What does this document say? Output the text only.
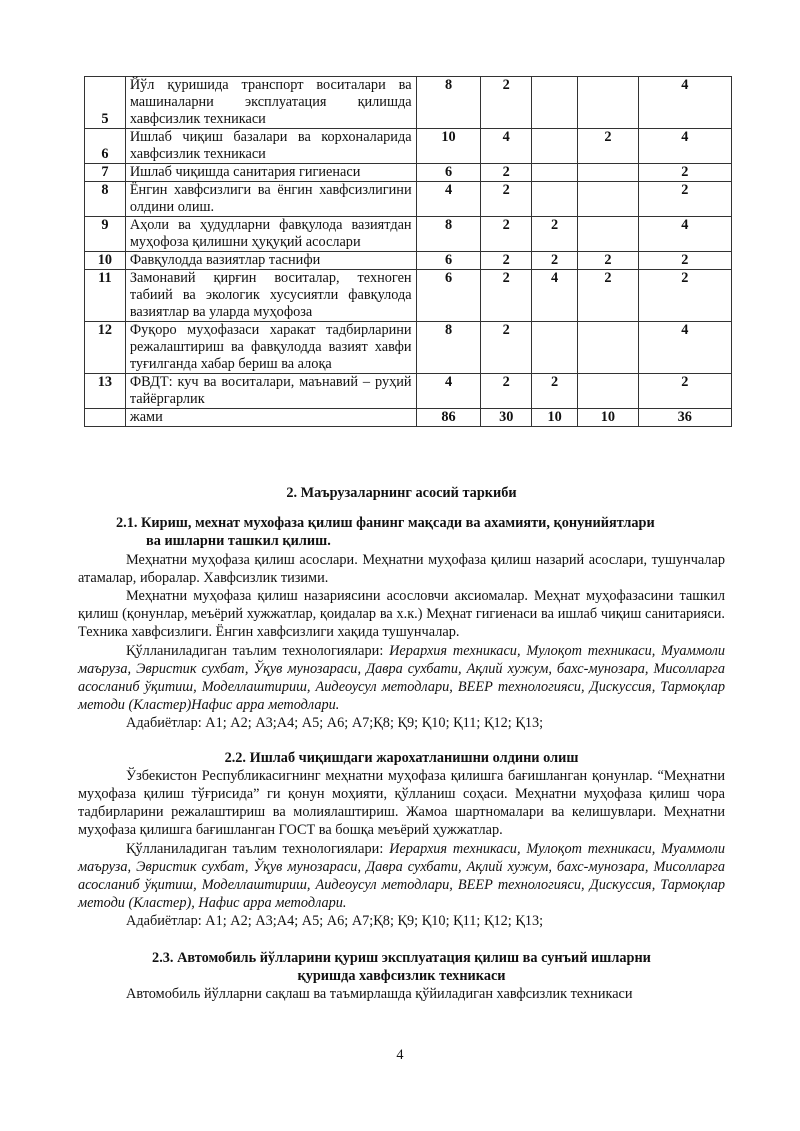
5	Йўл қуришида транспорт воситалари ва машиналарни эксплуатация қилишда хавфсизлик техникаси	8	2			4
6	Ишлаб чиқиш базалари ва корхоналарида хавфсизлик техникаси	10	4		2	4
7	Ишлаб чиқишда санитария гигиенаси	6	2			2
8	Ёнгин хавфсизлиги ва ёнгин хавфсизлигини олдини олиш.	4	2			2
9	Аҳоли ва ҳудудларни фавқулода вазиятдан муҳофоза қилишни ҳуқуқий асослари	8	2	2		4
10	Фавқулодда вазиятлар таснифи	6	2	2	2	2
11	Замонавий қирғин воситалар, техноген табиий ва экологик хусусиятли фавқулода вазиятлар ва уларда муҳофоза	6	2	4	2	2
12	Фуқоро муҳофазаси харакат тадбирларини режалаштириш ва фавқулодда вазият хавфи туғилганда хабар бериш ва алоқа	8	2			4
13	ФВДТ: куч ва воситалари, маънавий – руҳий тайёргарлик	4	2	2		2
	жами	86	30	10	10	36

2. Маърузаларнинг асосий таркиби

2.1. Кириш, мехнат мухофаза қилиш фанинг мақсади ва ахамияти, қонунийятлари
ва ишларни ташкил қилиш.

Меҳнатни муҳофаза қилиш асослари. Меҳнатни муҳофаза қилиш назарий асослари, тушунчалар атамалар, иборалар. Хавфсизлик тизими.

Меҳнатни муҳофаза қилиш назариясини асословчи аксиомалар. Меҳнат муҳофазасини ташкил қилиш (қонунлар, меъёрий хужжатлар, қоидалар ва х.к.) Меҳнат гигиенаси ва ишлаб чиқиш санитарияси. Техника хавфсизлиги. Ёнгин хавфсизлиги хақида тушунчалар.

Қўлланиладиган таълим технологиялари: Иерархия техникаси, Мулоқот техникаси, Муаммоли маъруза, Эвристик сухбат, Ўқув мунозараси, Давра сухбати, Ақлий хужум, бахс-мунозара, Мисолларга асосланиб ўқитиш, Моделлаштириш, Аидеоусул методлари, ВЕЕР технологияси, Дискуссия, Тармоқлар методи (Кластер)Нафис арра методлари.

Адабиётлар: А1; А2; А3;А4; А5; А6; А7;Қ8; Қ9; Қ10; Қ11; Қ12; Қ13;

2.2. Ишлаб чиқишдаги жарохатланишни олдини олиш

Ўзбекистон Республикасигнинг меҳнатни муҳофаза қилишга бағишланган қонунлар. “Меҳнатни муҳофаза қилиш тўғрисида” ги қонун моҳияти, қўлланиш соҳаси. Меҳнатни муҳофаза қилиш чора тадбирларини режалаштириш ва молиялаштириш. Жамоа шартномалари ва келишувлари. Меҳнатни муҳофаза қилишга бағишланган ГОСТ ва бошқа меъёрий ҳужжатлар.

Қўлланиладиган таълим технологиялари: Иерархия техникаси, Мулоқот техникаси, Муаммоли маъруза, Эвристик сухбат, Ўқув мунозараси, Давра сухбати, Ақлий хужум, бахс-мунозара, Мисолларга асосланиб ўқитиш, Моделлаштириш, Аидеоусул методлари, ВЕЕР технологияси, Дискуссия, Тармоқлар методи (Кластер), Нафис арра методлари.

Адабиётлар: А1; А2; А3;А4; А5; А6; А7;Қ8; Қ9; Қ10; Қ11; Қ12; Қ13;

2.3. Автомобиль йўлларини қуриш эксплуатация қилиш ва сунъий ишларни
қуришда хавфсизлик техникаси

Автомобиль йўлларни сақлаш ва таъмирлашда қўйиладиган хавфсизлик техникаси

4
